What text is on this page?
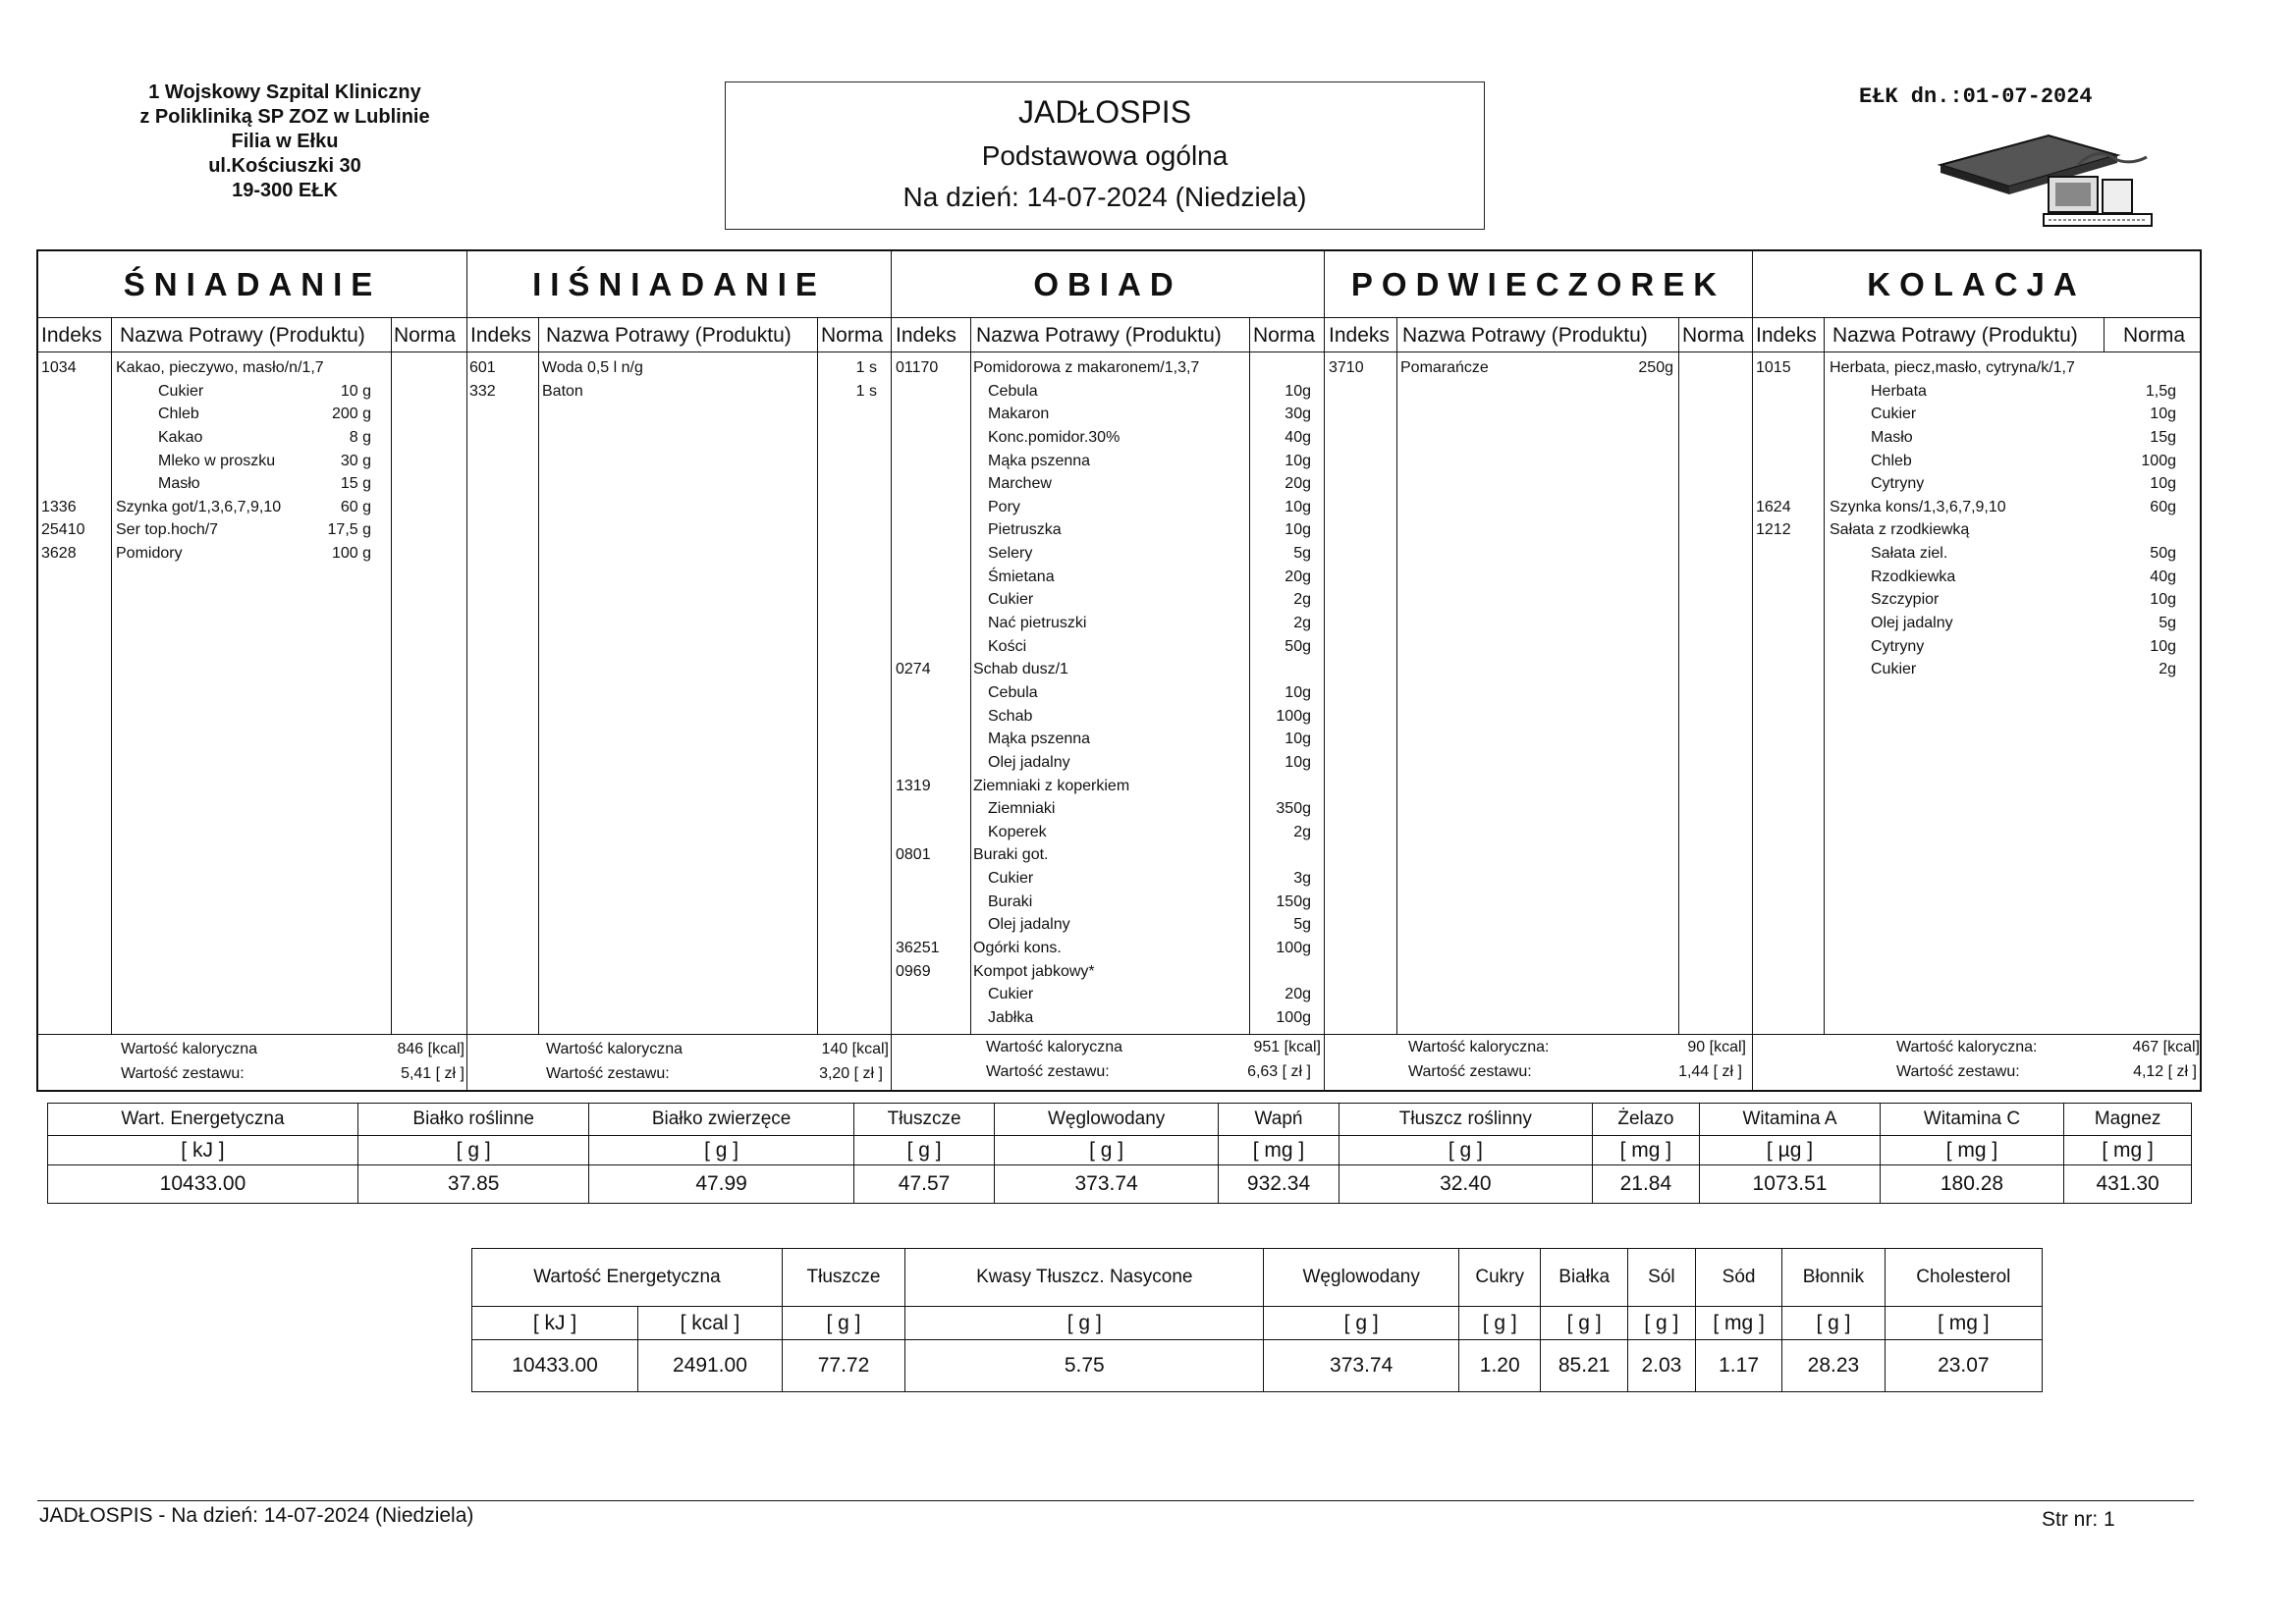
1 Wojskowy Szpital Kliniczny
z Polikliniką SP ZOZ w Lublinie
Filia w Ełku
ul.Kościuszki 30
19-300 EŁK
JADŁOSPIS
Podstawowa ogólna
Na dzień: 14-07-2024 (Niedziela)
EŁK dn.:01-07-2024
ŚNIADANIE
Indeks Nazwa Potrawy (Produktu) Norma
1034	Kakao, pieczywo, masło/n/1,7
Cukier	10 g
Chleb	200 g
Kakao	8 g
Mleko w proszku	30 g
Masło	15 g
1336	Szynka got/1,3,6,7,9,10	60 g
25410 Ser top.hoch/7	17,5 g
3628	Pomidory	100 g
Wartość kaloryczna	846 [kcal]
Wartość zestawu:	5,41 [ zł ]
IIŚNIADANIE
Indeks Nazwa Potrawy (Produktu) Norma
601	Woda 0,5 l n/g	1 s
332	Baton	1 s
Wartość kaloryczna	140 [kcal]
Wartość zestawu:	3,20 [ zł ]
OBIAD
Indeks Nazwa Potrawy (Produktu) Norma
01170 Pomidorowa z makaronem/1,3,7
Cebula	10g
Makaron	30g
Konc.pomidor.30%	40g
Mąka pszenna	10g
Marchew	20g
Pory	10g
Pietruszka	10g
Selery	5g
Śmietana	20g
Cukier	2g
Nać pietruszki	2g
Kości	50g
0274	Schab dusz/1
Cebula	10g
Schab	100g
Mąka pszenna	10g
Olej jadalny	10g
1319	Ziemniaki z koperkiem
Ziemniaki	350g
Koperek	2g
0801	Buraki got.
Cukier	3g
Buraki	150g
Olej jadalny	5g
36251 Ogórki kons.	100g
0969	Kompot jabkowy*
Cukier	20g
Jabłka	100g
Wartość kaloryczna	951 [kcal]
Wartość zestawu:	6,63 [ zł ]
PODWIECZOREK
Indeks Nazwa Potrawy (Produktu) Norma
3710 Pomarańcze	250g
Wartość kaloryczna:	90 [kcal]
Wartość zestawu:	1,44 [ zł ]
KOLACJA
Indeks Nazwa Potrawy (Produktu) Norma
1015 Herbata, piecz,masło, cytryna/k/1,7
Herbata	1,5g
Cukier	10g
Masło	15g
Chleb	100g
Cytryny	10g
1624 Szynka kons/1,3,6,7,9,10	60g
1212 Sałata z rzodkiewką
Sałata ziel.	50g
Rzodkiewka	40g
Szczypior	10g
Olej jadalny	5g
Cytryny	10g
Cukier	2g
Wartość kaloryczna:	467 [kcal]
Wartość zestawu:	4,12 [ zł ]
Wart. Energetyczna	Białko roślinne	Białko zwierzęce	Tłuszcze	Węglowodany	Wapń	Tłuszcz roślinny	Żelazo	Witamina A	Witamina C	Magnez
[ kJ ]	[ g ]	[ g ]	[ g ]	[ g ]	[ mg ]	[ g ]	[ mg ]	[ µg ]	[ mg ]	[ mg ]
10433.00	37.85	47.99	47.57	373.74	932.34	32.40	21.84	1073.51	180.28	431.30
Wartość Energetyczna		Tłuszcze	Kwasy Tłuszcz. Nasycone	Węglowodany	Cukry	Białka	Sól	Sód	Błonnik	Cholesterol
[ kJ ]	[ kcal ]	[ g ]	[ g ]	[ g ]	[ g ]	[ g ]	[ g ]	[ mg ]	[ g ]	[ mg ]
10433.00	2491.00	77.72	5.75	373.74	1.20	85.21	2.03	1.17	28.23	23.07
JADŁOSPIS - Na dzień: 14-07-2024 (Niedziela)	Str nr: 1
